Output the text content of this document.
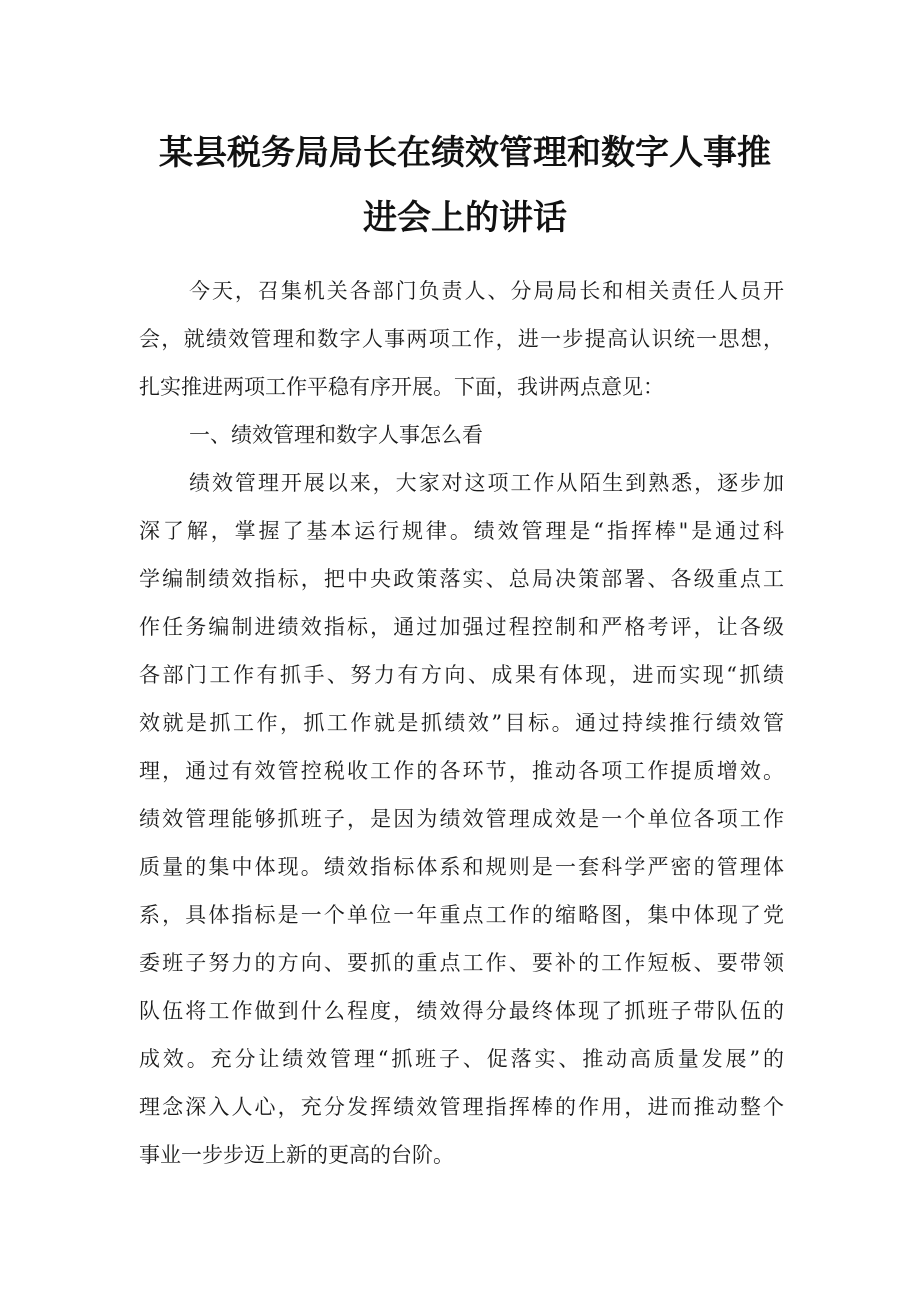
某县税务局局长在绩效管理和数字人事推
进会上的讲话
今天，召集机关各部门负责人、分局局长和相关责任人员开
会，就绩效管理和数字人事两项工作，进一步提高认识统一思想，
扎实推进两项工作平稳有序开展。下面，我讲两点意见：
一、绩效管理和数字人事怎么看
绩效管理开展以来，大家对这项工作从陌生到熟悉，逐步加
深了解，掌握了基本运行规律。绩效管理是“指挥棒"是通过科
学编制绩效指标，把中央政策落实、总局决策部署、各级重点工
作任务编制进绩效指标，通过加强过程控制和严格考评，让各级
各部门工作有抓手、努力有方向、成果有体现，进而实现“抓绩
效就是抓工作，抓工作就是抓绩效”目标。通过持续推行绩效管
理，通过有效管控税收工作的各环节，推动各项工作提质增效。
绩效管理能够抓班子，是因为绩效管理成效是一个单位各项工作
质量的集中体现。绩效指标体系和规则是一套科学严密的管理体
系，具体指标是一个单位一年重点工作的缩略图，集中体现了党
委班子努力的方向、要抓的重点工作、要补的工作短板、要带领
队伍将工作做到什么程度，绩效得分最终体现了抓班子带队伍的
成效。充分让绩效管理“抓班子、促落实、推动高质量发展”的
理念深入人心，充分发挥绩效管理指挥棒的作用，进而推动整个
事业一步步迈上新的更高的台阶。
